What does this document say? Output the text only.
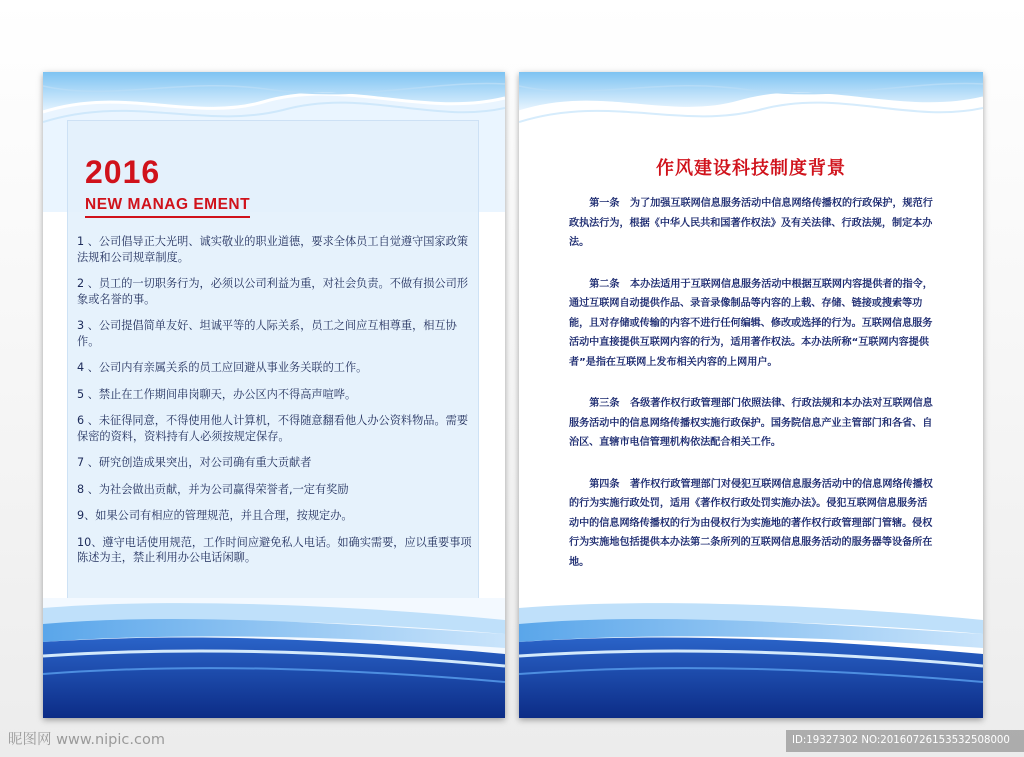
2016
NEW MANAG EMENT
1 、公司倡导正大光明、诚实敬业的职业道德，要求全体员工自觉遵守国家政策法规和公司规章制度。
2 、员工的一切职务行为，必须以公司利益为重，对社会负责。不做有损公司形象或名誉的事。
3 、公司提倡简单友好、坦诚平等的人际关系，员工之间应互相尊重，相互协作。
4 、公司内有亲属关系的员工应回避从事业务关联的工作。
5 、禁止在工作期间串岗聊天，办公区内不得高声喧哗。
6 、未征得同意，不得使用他人计算机，不得随意翻看他人办公资料物品。需要保密的资料，资料持有人必须按规定保存。
7 、研究创造成果突出，对公司确有重大贡献者
8 、为社会做出贡献，并为公司赢得荣誉者,一定有奖励
9、如果公司有相应的管理规范，并且合理，按规定办。
10、遵守电话使用规范，工作时间应避免私人电话。如确实需要，应以重要事项陈述为主，禁止利用办公电话闲聊。
作风建设科技制度背景

第一条 为了加强互联网信息服务活动中信息网络传播权的行政保护，规范行政执法行为，根据《中华人民共和国著作权法》及有关法律、行政法规，制定本办法。

第二条 本办法适用于互联网信息服务活动中根据互联网内容提供者的指令，通过互联网自动提供作品、录音录像制品等内容的上载、存储、链接或搜索等功能，且对存储或传输的内容不进行任何编辑、修改或选择的行为。互联网信息服务活动中直接提供互联网内容的行为，适用著作权法。本办法所称“互联网内容提供者”是指在互联网上发布相关内容的上网用户。

第三条 各级著作权行政管理部门依照法律、行政法规和本办法对互联网信息服务活动中的信息网络传播权实施行政保护。国务院信息产业主管部门和各省、自治区、直辖市电信管理机构依法配合相关工作。

第四条 著作权行政管理部门对侵犯互联网信息服务活动中的信息网络传播权的行为实施行政处罚，适用《著作权行政处罚实施办法》。侵犯互联网信息服务活动中的信息网络传播权的行为由侵权行为实施地的著作权行政管理部门管辖。侵权行为实施地包括提供本办法第二条所列的互联网信息服务活动的服务器等设备所在地。

昵图网 www.nipic.com	ID:19327302 NO:20160726153532508000
